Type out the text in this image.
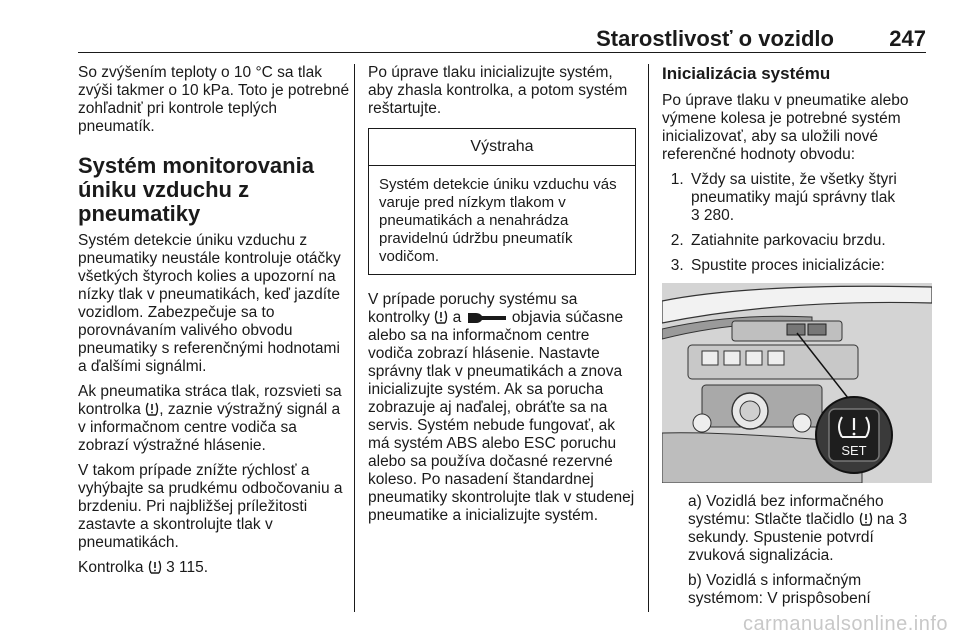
Starostlivosť o vozidlo	247

So zvýšením teploty o 10 °C sa tlak zvýši takmer o 10 kPa. Toto je potrebné zohľadniť pri kontrole teplých pneumatík.

Systém monitorovania úniku vzduchu z pneumatiky

Systém detekcie úniku vzduchu z pneumatiky neustále kontroluje otáčky všetkých štyroch kolies a upozorní na nízky tlak v pneumatikách, keď jazdíte vozidlom. Zabezpečuje sa to porovnávaním valivého obvodu pneumatiky s referenčnými hodnotami a ďalšími signálmi.

Ak pneumatika stráca tlak, rozsvieti sa kontrolka , zaznie výstražný signál a v informačnom centre vodiča sa zobrazí výstražné hlásenie.

V takom prípade znížte rýchlosť a vyhýbajte sa prudkému odbočovaniu a brzdeniu. Pri najbližšej príležitosti zastavte a skontrolujte tlak v pneumatikách.

Kontrolka 3 115.

Po úprave tlaku inicializujte systém, aby zhasla kontrolka, a potom systém reštartujte.

Výstraha
Systém detekcie úniku vzduchu vás varuje pred nízkym tlakom v pneumatikách a nenahrádza pravidelnú údržbu pneumatík vodičom.

V prípade poruchy systému sa kontrolky a	objavia súčasne alebo sa na informačnom centre vodiča zobrazí hlásenie. Nastavte správny tlak v pneumatikách a znova inicializujte systém. Ak sa porucha zobrazuje aj naďalej, obráťte sa na servis. Systém nebude fungovať, ak má systém ABS alebo ESC poruchu alebo sa používa dočasné rezervné koleso. Po nasadení štandardnej pneumatiky skontrolujte tlak v studenej pneumatike a inicializujte systém.

Inicializácia systému

Po úprave tlaku v pneumatike alebo výmene kolesa je potrebné systém inicializovať, aby sa uložili nové referenčné hodnoty obvodu:

1. Vždy sa uistite, že všetky štyri pneumatiky majú správny tlak
3 280.
2. Zatiahnite parkovaciu brzdu.
3. Spustite proces inicializácie:
SET

a) Vozidlá bez informačného systému: Stlačte tlačidlo na 3 sekundy. Spustenie potvrdí zvuková signalizácia.

b) Vozidlá s informačným systémom: V prispôsobení

carmanualsonline.info
